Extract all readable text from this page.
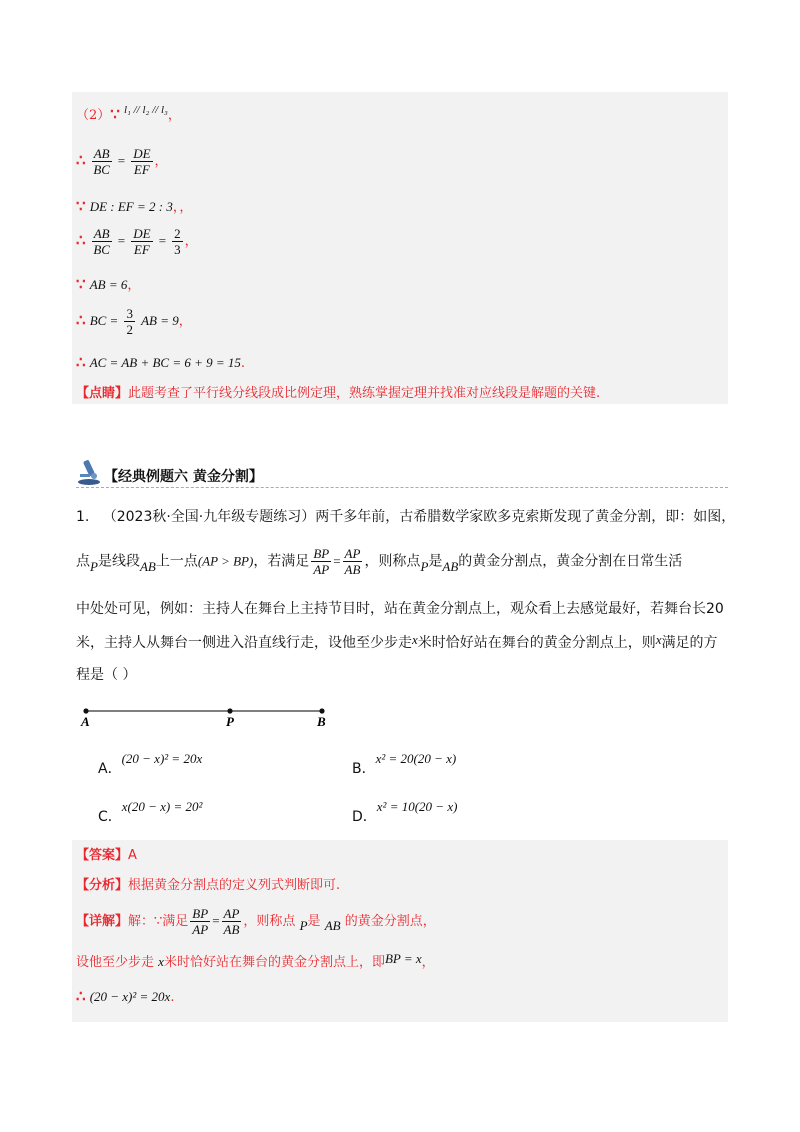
（2）∵ $^{l_1 // l_2 // l_3}$，
∴ $\frac{AB}{BC} = \frac{DE}{EF}$ ，
∵ DE : EF = 2 : 3，，
∴ $\frac{AB}{BC} = \frac{DE}{EF} = \frac{2}{3}$ ，
∵ AB = 6，
∴ BC = $\frac{3}{2}$ AB = 9，
∴ AC = AB + BC = 6 + 9 = 15.
【点睛】此题考查了平行线分线段成比例定理，熟练掌握定理并找准对应线段是解题的关键.
【经典例题六 黄金分割】
1. （2023秋·全国·九年级专题练习）两千多年前，古希腊数学家欧多克索斯发现了黄金分割，即：如图，
点P是线段AB上一点(AP > BP)，若满足 $\frac{BP}{AP} = \frac{AP}{AB}$ ，则称点P是AB的黄金分割点，黄金分割在日常生活
中处处可见，例如：主持人在舞台上主持节目时，站在黄金分割点上，观众看上去感觉最好，若舞台长20
米，主持人从舞台一侧进入沿直线行走，设他至少步走x米时恰好站在舞台的黄金分割点上，则x满足的方
程是（ ）
A	P	B
A．(20 − x)² = 20x
B．x² = 20(20 − x)
C．x(20 − x) = 20²
D．x² = 10(20 − x)
【答案】A
【分析】根据黄金分割点的定义列式判断即可.
【详解】解：∵满足 $\frac{BP}{AP} = \frac{AP}{AB}$ ，则称点 P是 AB 的黄金分割点，
设他至少步走 x米时恰好站在舞台的黄金分割点上，即BP = x，
∴ (20 − x)² = 20x.
